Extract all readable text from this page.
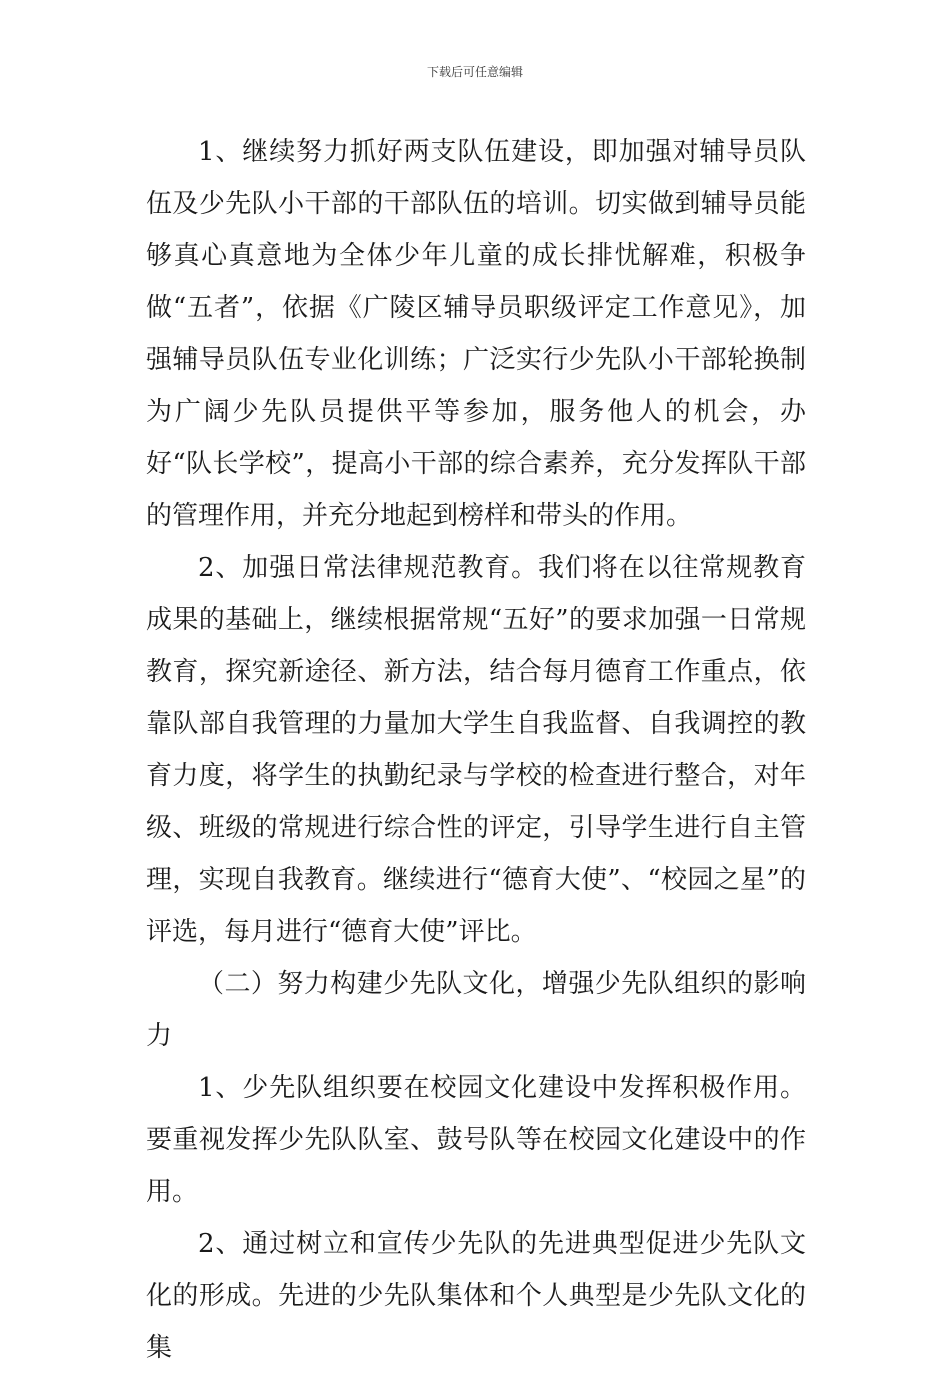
下载后可任意编辑

1、继续努力抓好两支队伍建设，即加强对辅导员队伍及少先队小干部的干部队伍的培训。切实做到辅导员能够真心真意地为全体少年儿童的成长排忧解难，积极争做“五者”，依据《广陵区辅导员职级评定工作意见》，加强辅导员队伍专业化训练；广泛实行少先队小干部轮换制为广阔少先队员提供平等参加，服务他人的机会，办好“队长学校”，提高小干部的综合素养，充分发挥队干部的管理作用，并充分地起到榜样和带头的作用。

2、加强日常法律规范教育。我们将在以往常规教育成果的基础上，继续根据常规“五好”的要求加强一日常规教育，探究新途径、新方法，结合每月德育工作重点，依靠队部自我管理的力量加大学生自我监督、自我调控的教育力度，将学生的执勤纪录与学校的检查进行整合，对年级、班级的常规进行综合性的评定，引导学生进行自主管理，实现自我教育。继续进行“德育大使”、“校园之星”的评选，每月进行“德育大使”评比。

（二）努力构建少先队文化，增强少先队组织的影响力

1、少先队组织要在校园文化建设中发挥积极作用。要重视发挥少先队队室、鼓号队等在校园文化建设中的作用。

2、通过树立和宣传少先队的先进典型促进少先队文化的形成。先进的少先队集体和个人典型是少先队文化的集
